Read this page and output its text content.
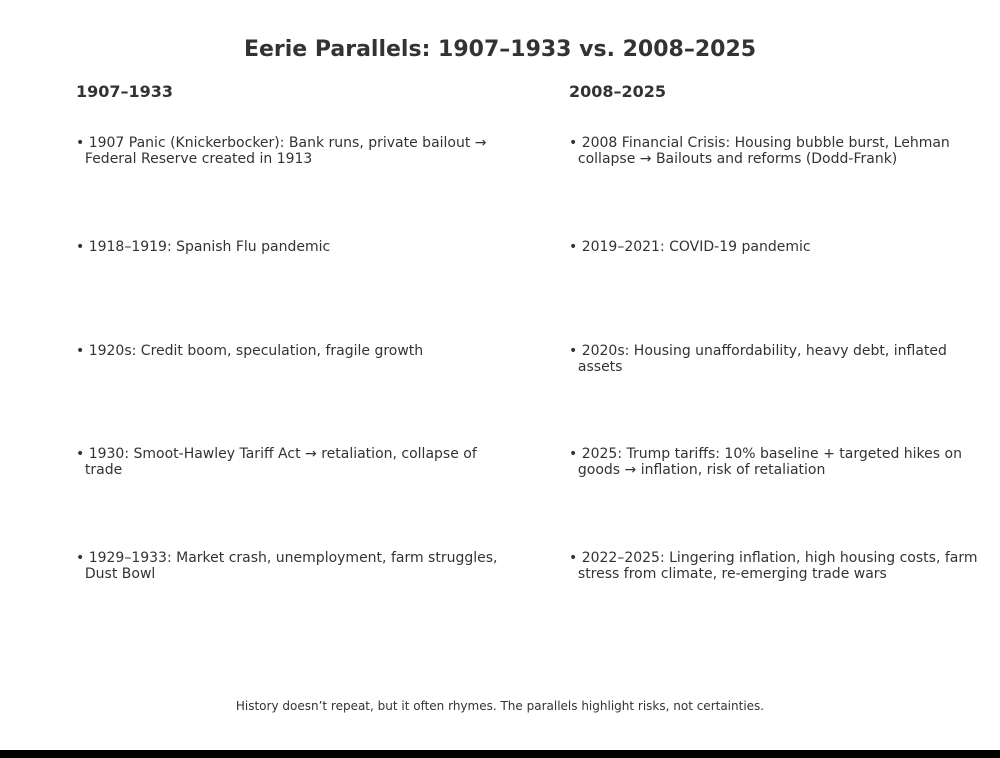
Eerie Parallels: 1907–1933 vs. 2008–2025
1907–1933	2008–2025
• 1907 Panic (Knickerbocker): Bank runs, private bailout →
Federal Reserve created in 1913
• 1918–1919: Spanish Flu pandemic
• 1920s: Credit boom, speculation, fragile growth
• 1930: Smoot-Hawley Tariff Act → retaliation, collapse of
trade
• 1929–1933: Market crash, unemployment, farm struggles,
Dust Bowl
• 2008 Financial Crisis: Housing bubble burst, Lehman
collapse → Bailouts and reforms (Dodd-Frank)
• 2019–2021: COVID-19 pandemic
• 2020s: Housing unaffordability, heavy debt, inflated
assets
• 2025: Trump tariffs: 10% baseline + targeted hikes on
goods → inflation, risk of retaliation
• 2022–2025: Lingering inflation, high housing costs, farm
stress from climate, re-emerging trade wars
History doesn’t repeat, but it often rhymes. The parallels highlight risks, not certainties.
